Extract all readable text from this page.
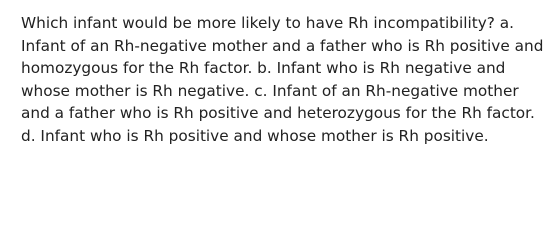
Which infant would be more likely to have Rh incompatibility? a. Infant of an Rh-negative mother and a father who is Rh positive and homozygous for the Rh factor. b. Infant who is Rh negative and whose mother is Rh negative. c. Infant of an Rh-negative mother and a father who is Rh positive and heterozygous for the Rh factor. d. Infant who is Rh positive and whose mother is Rh positive.
